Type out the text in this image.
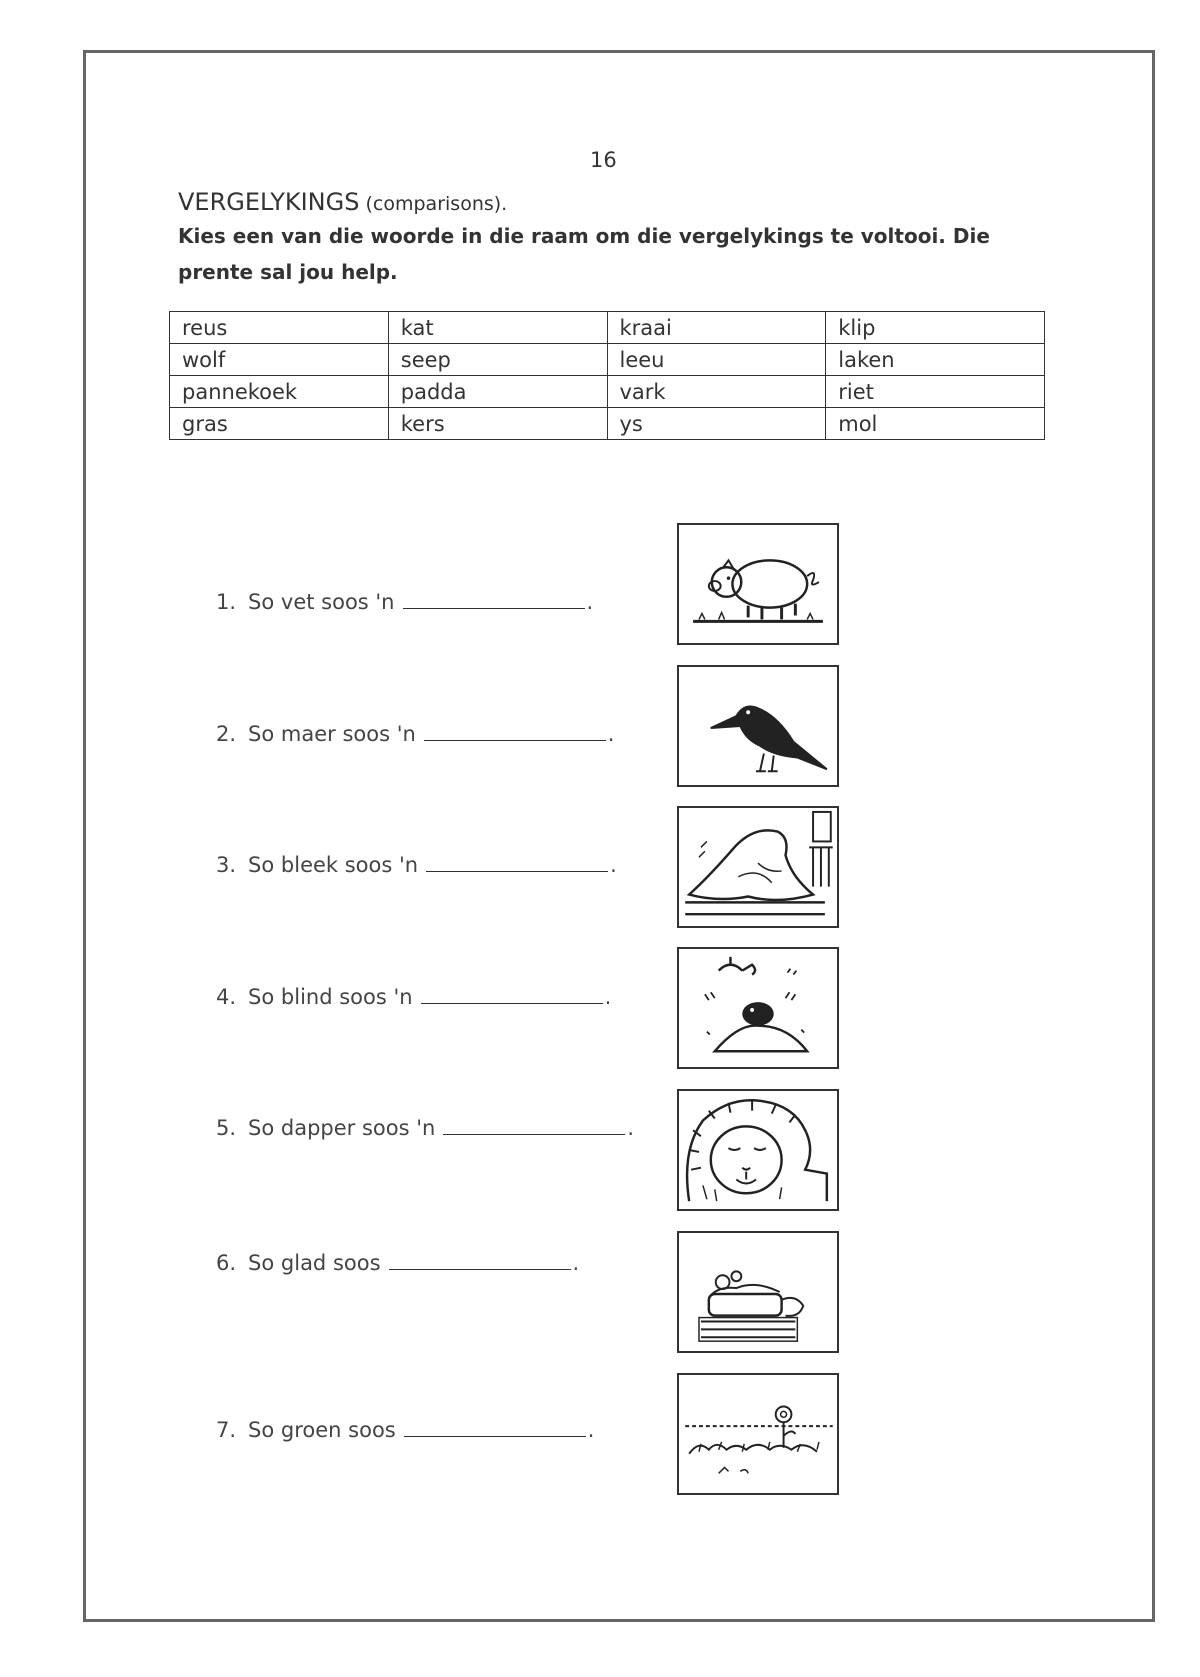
16
VERGELYKINGS (comparisons).
Kies een van die woorde in die raam om die vergelykings te voltooi. Die prente sal jou help.
reus	kat	kraai	klip
wolf	seep	leeu	laken
pannekoek	padda	vark	riet
gras	kers	ys	mol
1. So vet soos 'n	.
2. So maer soos 'n	.
3. So bleek soos 'n	.
4. So blind soos 'n	.
5. So dapper soos 'n	.
6. So glad soos	.
7. So groen soos	.
